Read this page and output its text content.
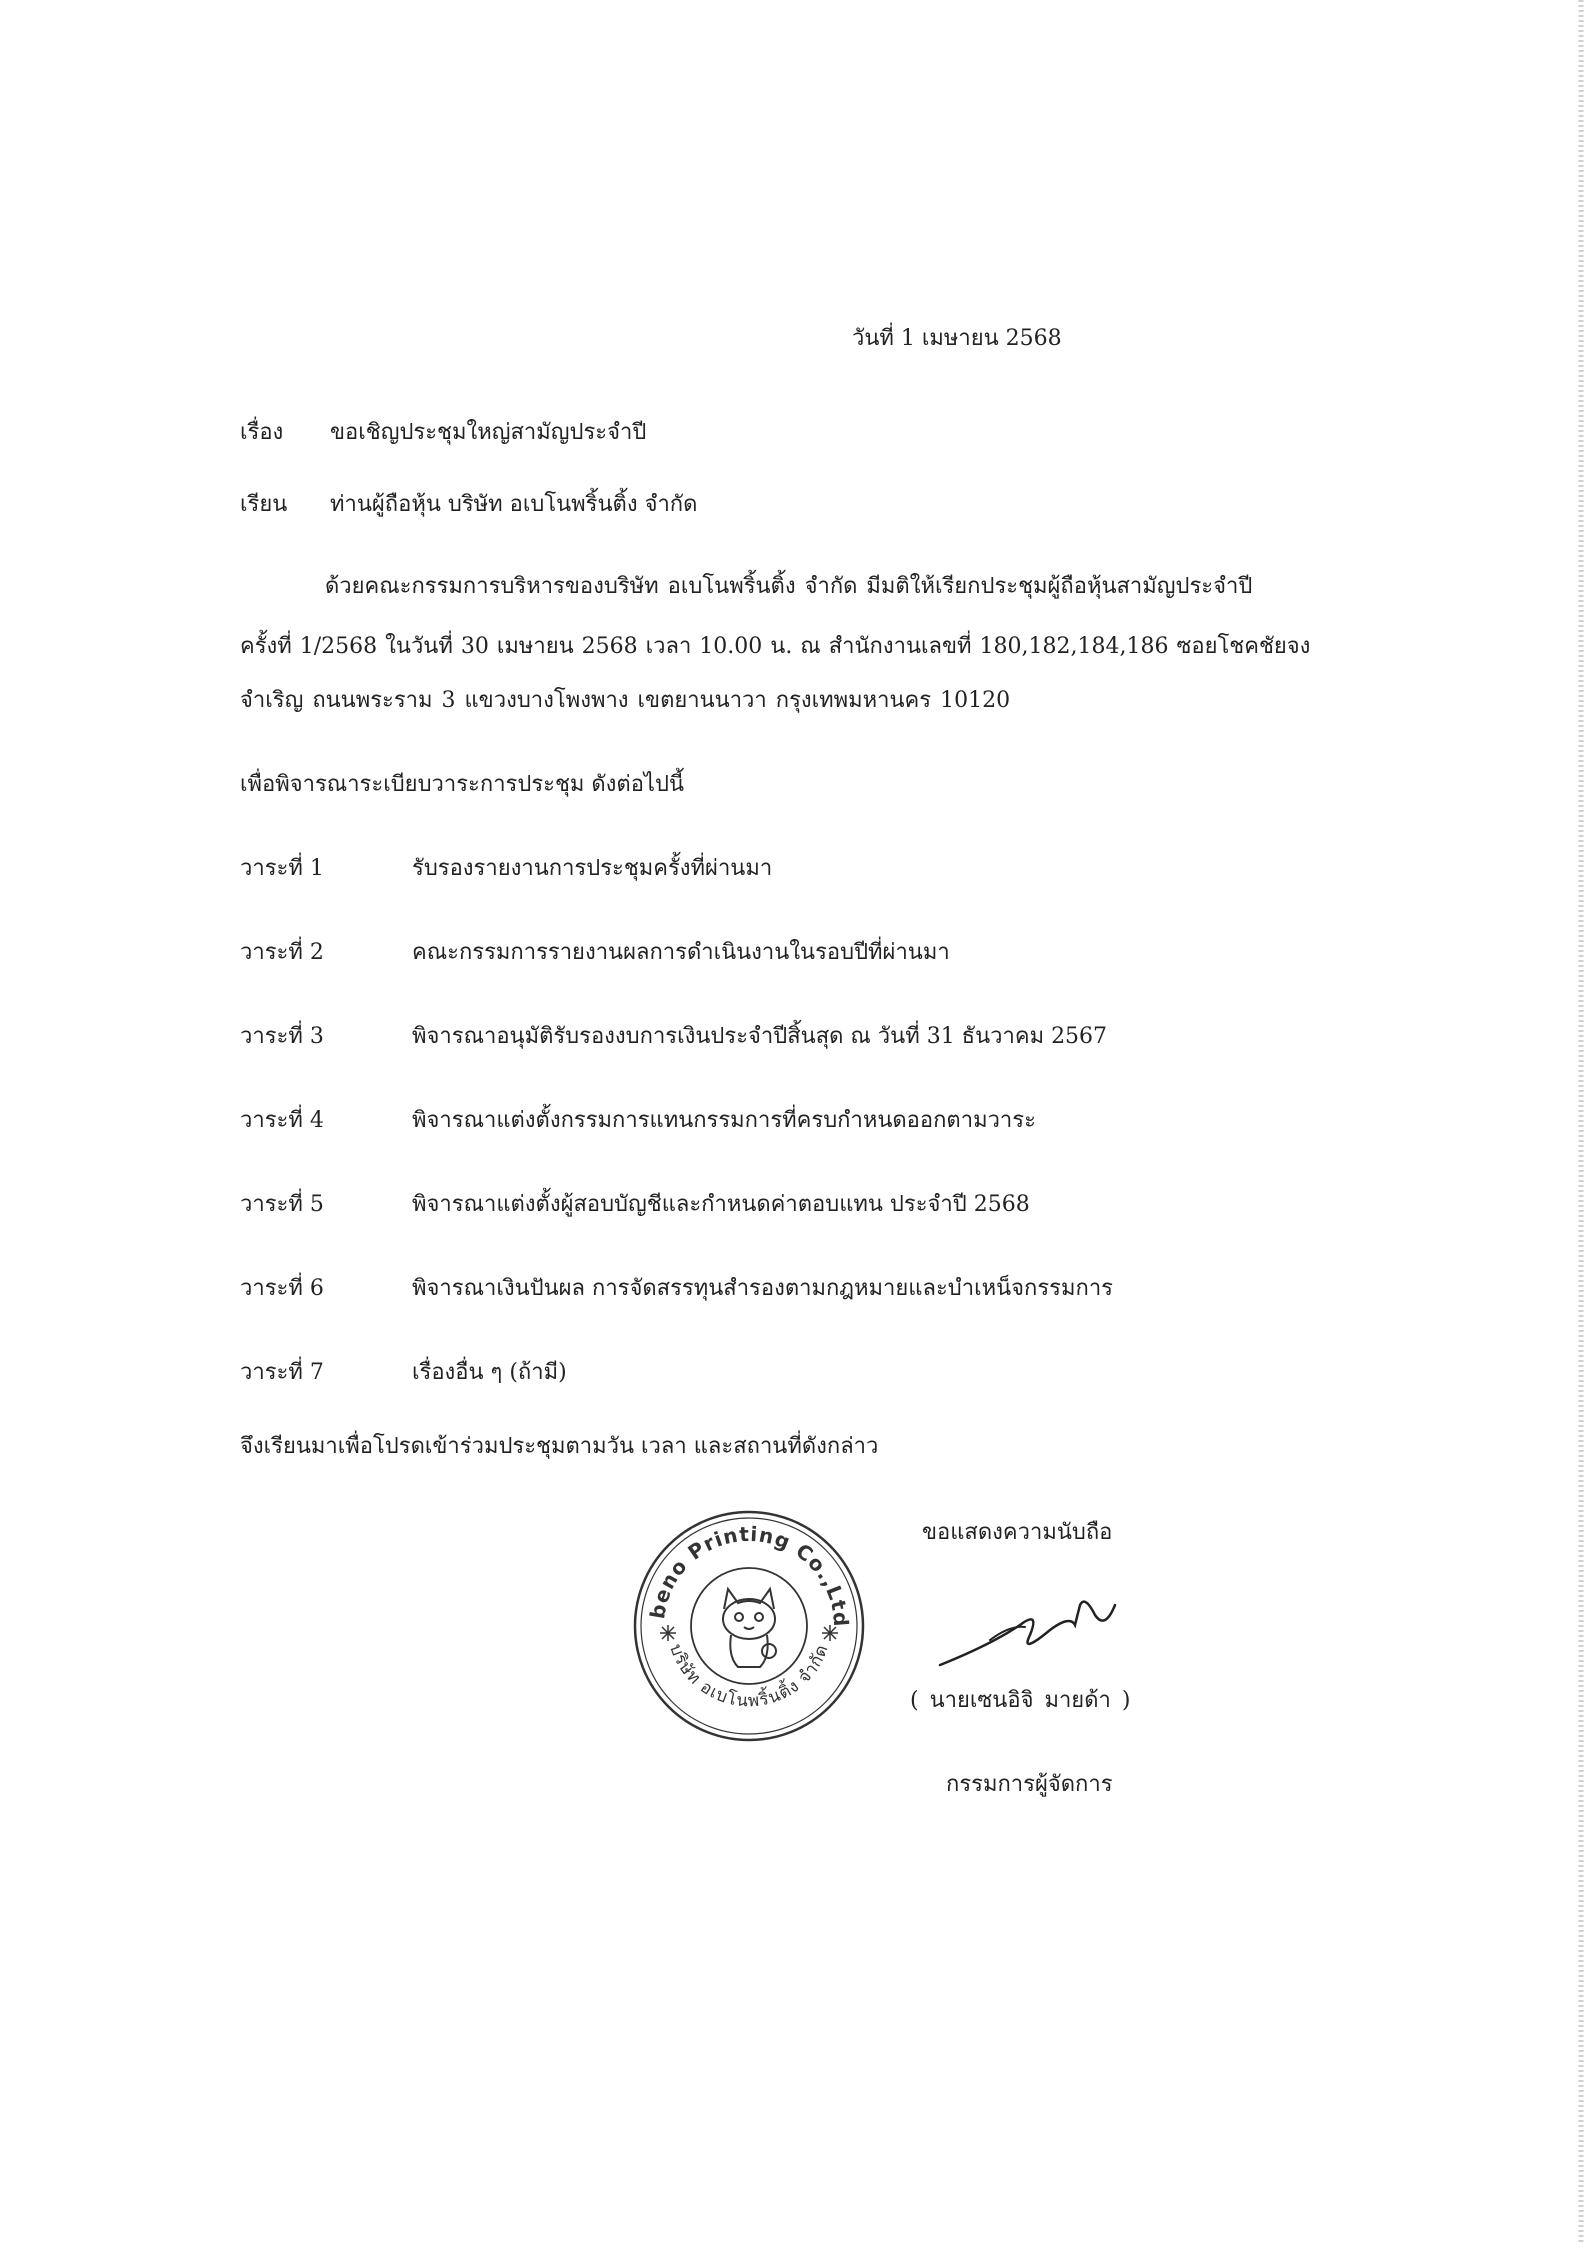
วันที่ 1 เมษายน 2568
เรื่อง ขอเชิญประชุมใหญ่สามัญประจำปี
เรียน ท่านผู้ถือหุ้น บริษัท อเบโนพริ้นติ้ง จำกัด
ด้วยคณะกรรมการบริหารของบริษัท อเบโนพริ้นติ้ง จำกัด มีมติให้เรียกประชุมผู้ถือหุ้นสามัญประจำปี
ครั้งที่ 1/2568 ในวันที่ 30 เมษายน 2568 เวลา 10.00 น. ณ สำนักงานเลขที่ 180,182,184,186 ซอยโชคชัยจง
จำเริญ ถนนพระราม 3 แขวงบางโพงพาง เขตยานนาวา กรุงเทพมหานคร 10120
เพื่อพิจารณาระเบียบวาระการประชุม ดังต่อไปนี้
วาระที่ 1	รับรองรายงานการประชุมครั้งที่ผ่านมา
วาระที่ 2	คณะกรรมการรายงานผลการดำเนินงานในรอบปีที่ผ่านมา
วาระที่ 3	พิจารณาอนุมัติรับรองงบการเงินประจำปีสิ้นสุด ณ วันที่ 31 ธันวาคม 2567
วาระที่ 4	พิจารณาแต่งตั้งกรรมการแทนกรรมการที่ครบกำหนดออกตามวาระ
วาระที่ 5	พิจารณาแต่งตั้งผู้สอบบัญชีและกำหนดค่าตอบแทน ประจำปี 2568
วาระที่ 6	พิจารณาเงินปันผล การจัดสรรทุนสำรองตามกฎหมายและบำเหน็จกรรมการ
วาระที่ 7	เรื่องอื่น ๆ (ถ้ามี)
จึงเรียนมาเพื่อโปรดเข้าร่วมประชุมตามวัน เวลา และสถานที่ดังกล่าว
ขอแสดงความนับถือ
beno Printing Co.,Ltd
บริษัท อเบโนพริ้นติ้ง จำกัด
( นายเซนอิจิ มายด้า )
กรรมการผู้จัดการ
